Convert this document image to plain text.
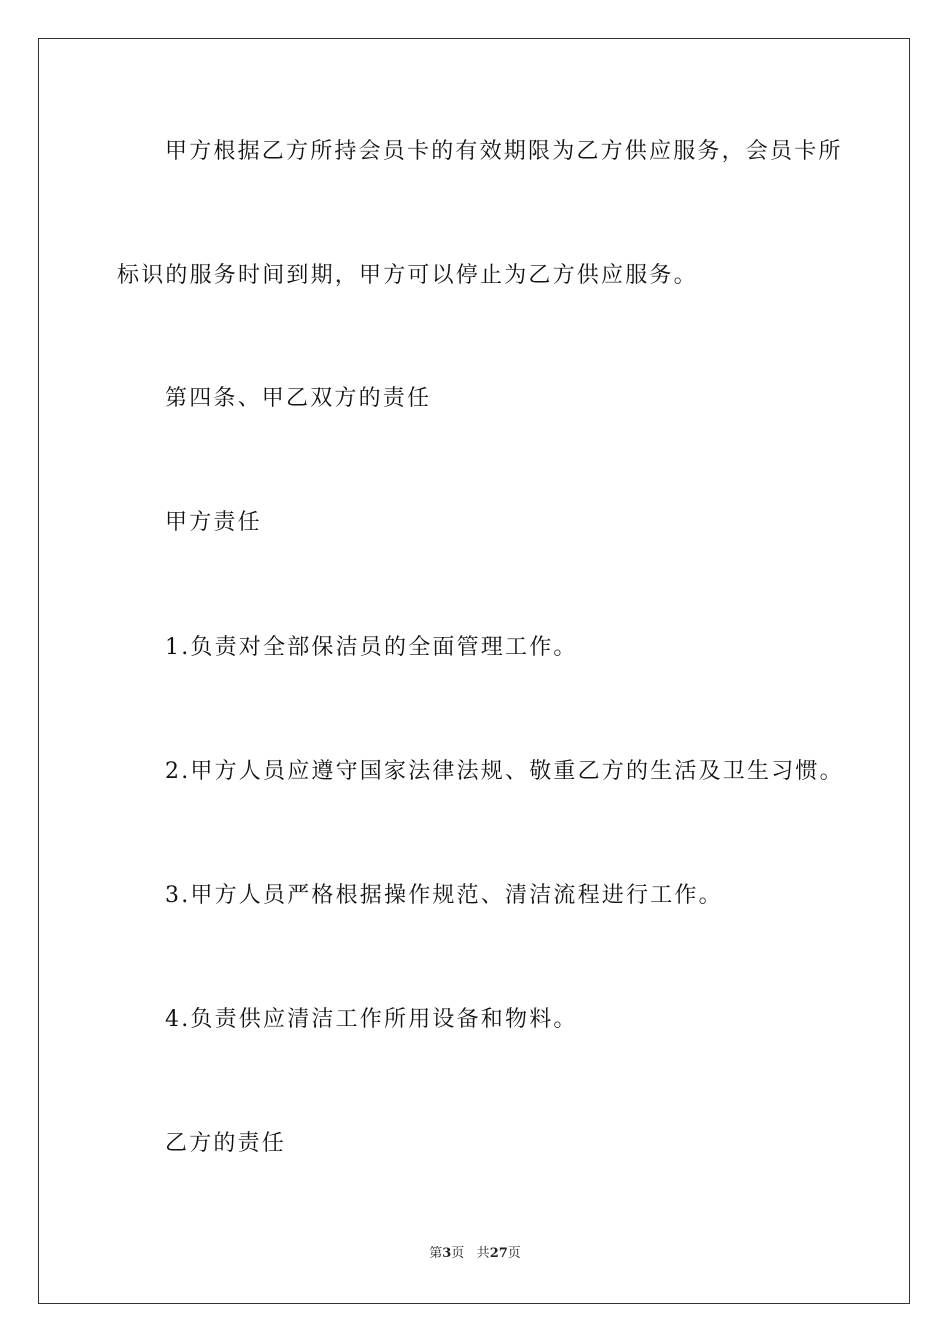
甲方根据乙方所持会员卡的有效期限为乙方供应服务，会员卡所
标识的服务时间到期，甲方可以停止为乙方供应服务。
第四条、甲乙双方的责任
甲方责任
1.负责对全部保洁员的全面管理工作。
2.甲方人员应遵守国家法律法规、敬重乙方的生活及卫生习惯。
3.甲方人员严格根据操作规范、清洁流程进行工作。
4.负责供应清洁工作所用设备和物料。
乙方的责任
第3页 共27页
